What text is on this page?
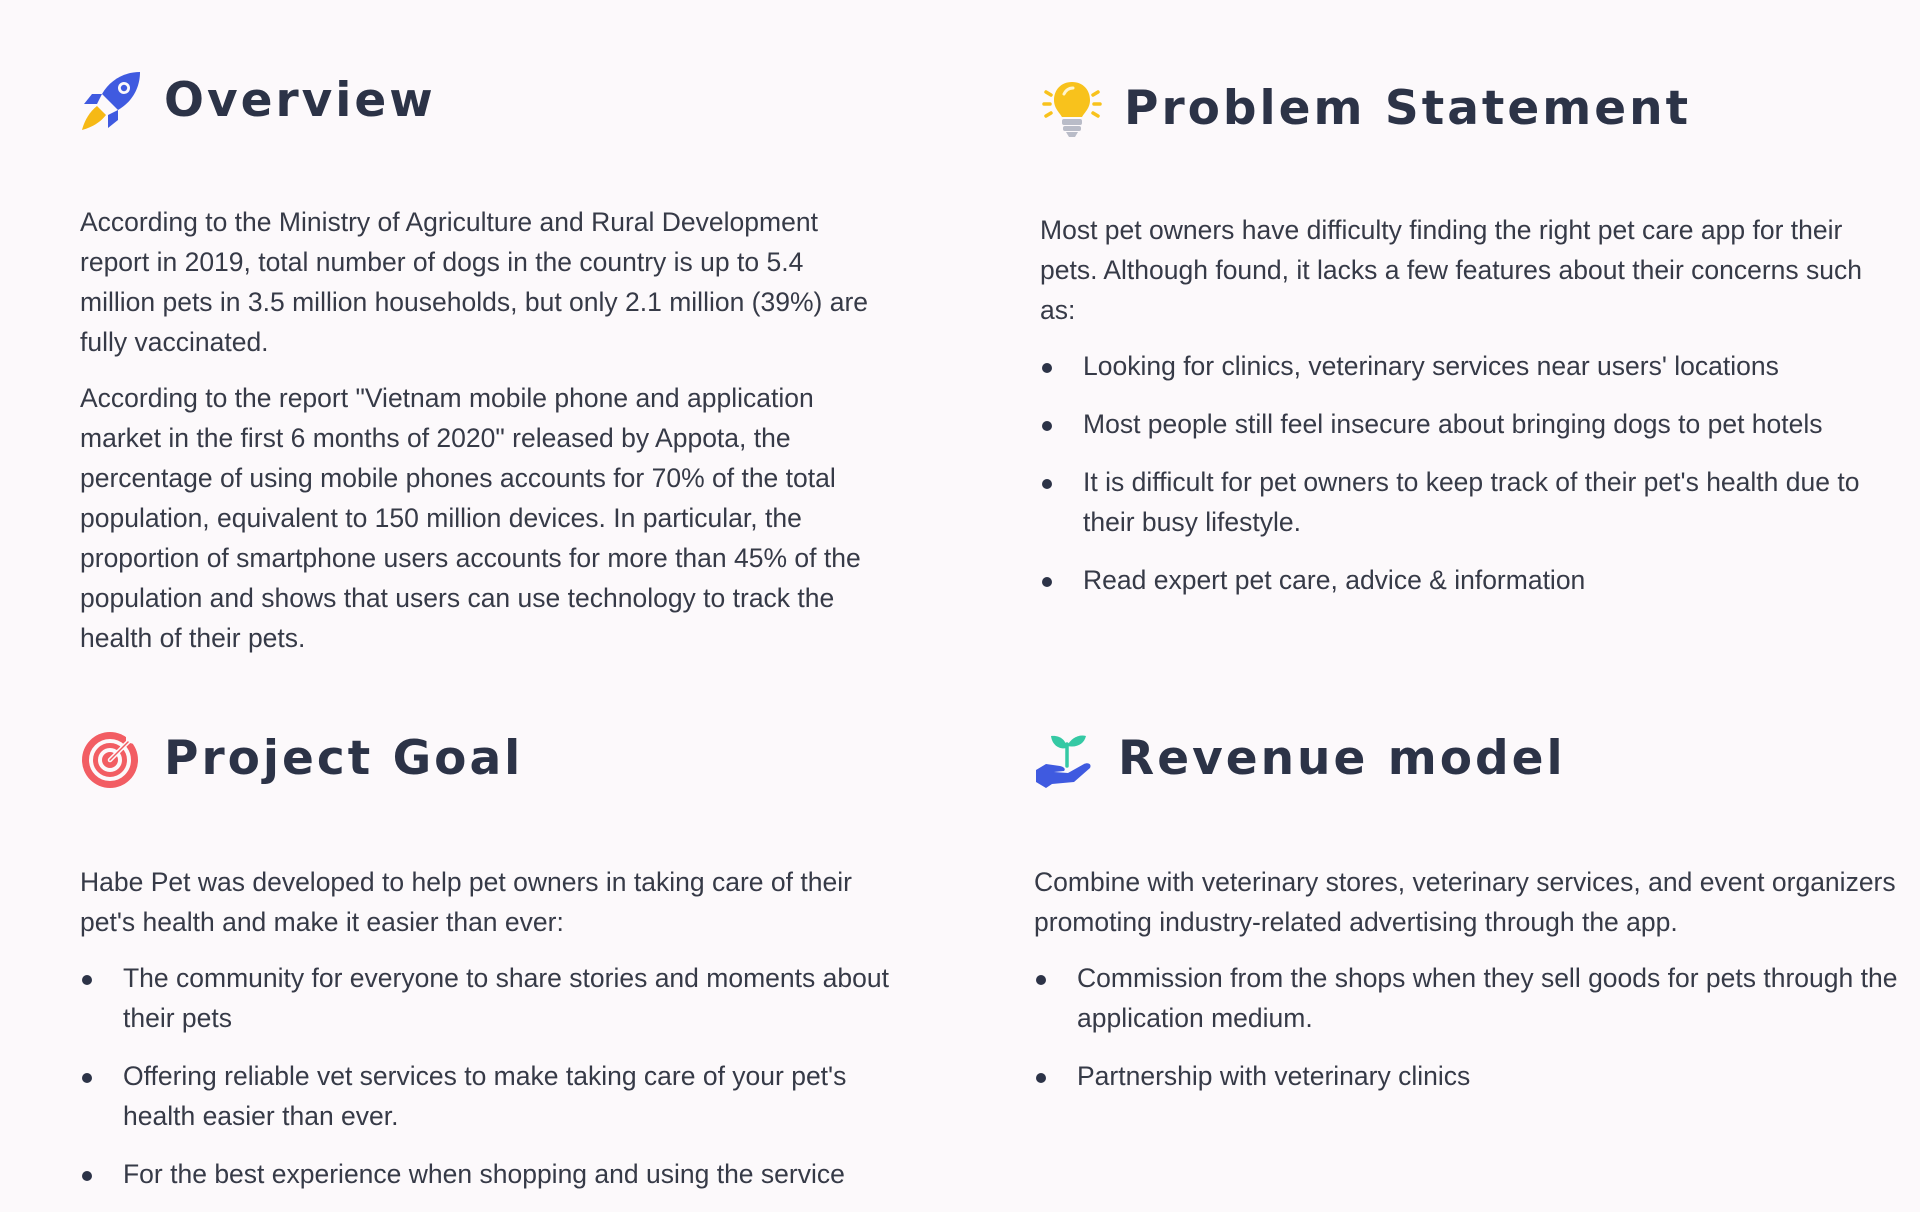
Overview

According to the Ministry of Agriculture and Rural Development report in 2019, total number of dogs in the country is up to 5.4 million pets in 3.5 million households, but only 2.1 million (39%) are fully vaccinated.

According to the report "Vietnam mobile phone and application market in the first 6 months of 2020" released by Appota, the percentage of using mobile phones accounts for 70% of the total population, equivalent to 150 million devices. In particular, the proportion of smartphone users accounts for more than 45% of the population and shows that users can use technology to track the health of their pets.

Problem Statement

Most pet owners have difficulty finding the right pet care app for their pets. Although found, it lacks a few features about their concerns such as:

Looking for clinics, veterinary services near users' locations
Most people still feel insecure about bringing dogs to pet hotels
It is difficult for pet owners to keep track of their pet's health due to their busy lifestyle.
Read expert pet care, advice & information
Project Goal

Habe Pet was developed to help pet owners in taking care of their pet's health and make it easier than ever:

The community for everyone to share stories and moments about their pets
Offering reliable vet services to make taking care of your pet's health easier than ever.
For the best experience when shopping and using the service
Revenue model

Combine with veterinary stores, veterinary services, and event organizers promoting industry-related advertising through the app.

Commission from the shops when they sell goods for pets through the application medium.
Partnership with veterinary clinics
